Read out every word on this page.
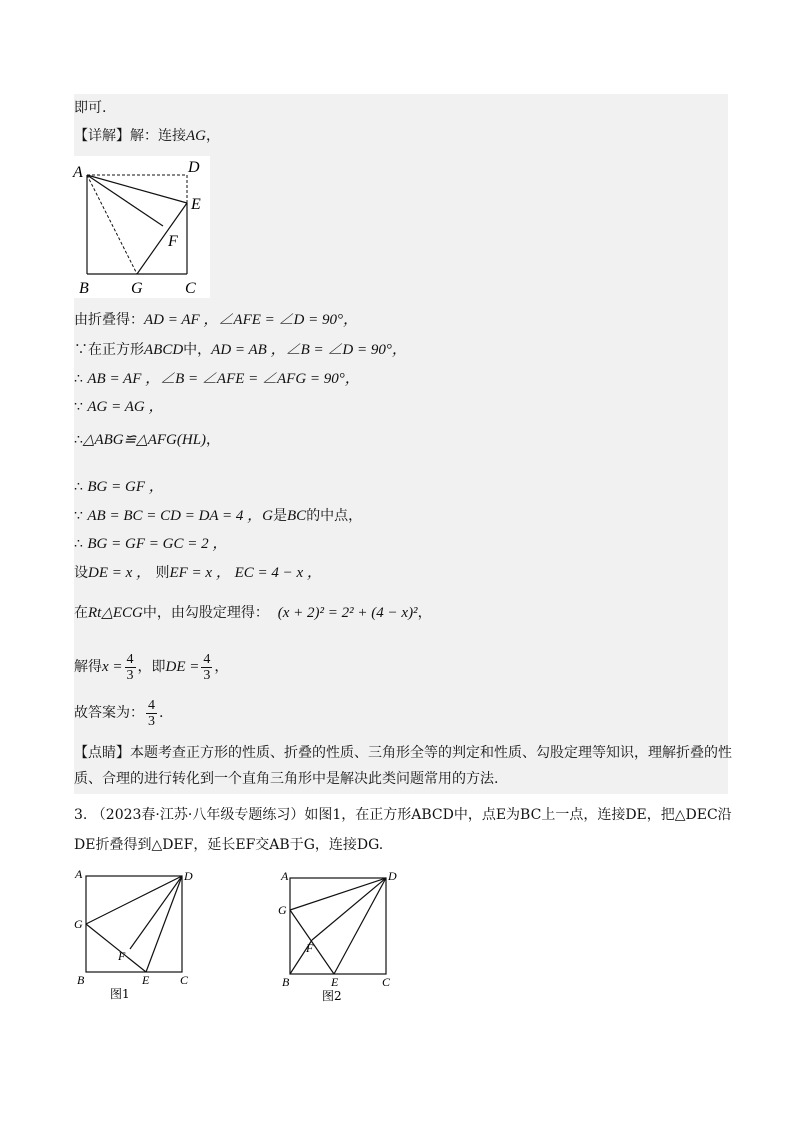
即可.
【详解】解：连接AG，
A	D
E
F
B	G	C
由折叠得：AD = AF ，∠AFE = ∠D = 90°，
∵在正方形ABCD中，AD = AB ，∠B = ∠D = 90°，
∴ AB = AF ，∠B = ∠AFE = ∠AFG = 90°，
∵ AG = AG ，
∴△ABG≌△AFG(HL)，
∴ BG = GF ，
∵ AB = BC = CD = DA = 4 ，G是BC的中点，
∴ BG = GF = GC = 2 ，
设DE = x ， 则EF = x ， EC = 4 − x ，
在Rt△ECG中，由勾股定理得： (x + 2)² = 2² + (4 − x)²，
解得$x = \frac{4}{3}$ ，即DE = $\frac{4}{3}$ ，
故答案为： $\frac{4}{3}$ .
【点睛】本题考查正方形的性质、折叠的性质、三角形全等的判定和性质、勾股定理等知识，理解折叠的性质、合理的进行转化到一个直角三角形中是解决此类问题常用的方法.
3. （2023春·江苏·八年级专题练习）如图1，在正方形ABCD中，点E为BC上一点，连接DE，把△DEC沿DE折叠得到△DEF，延长EF交AB于G，连接DG.
A	D
G
F
B	E	C
图1
A	D
G
F
B	E	C
图2
